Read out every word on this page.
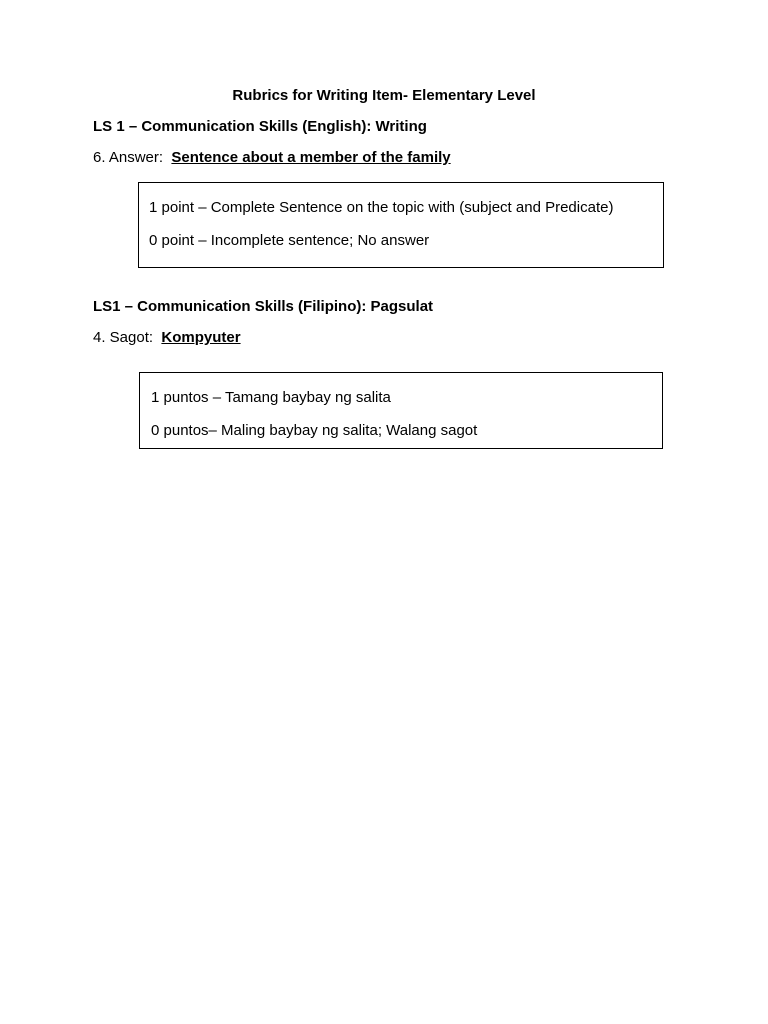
Rubrics for Writing Item- Elementary Level
LS 1 – Communication Skills (English): Writing
6. Answer: Sentence about a member of the family
1 point – Complete Sentence on the topic with (subject and Predicate)
0 point – Incomplete sentence; No answer
LS1 – Communication Skills (Filipino): Pagsulat
4. Sagot: Kompyuter
1 puntos – Tamang baybay ng salita
0 puntos– Maling baybay ng salita; Walang sagot
